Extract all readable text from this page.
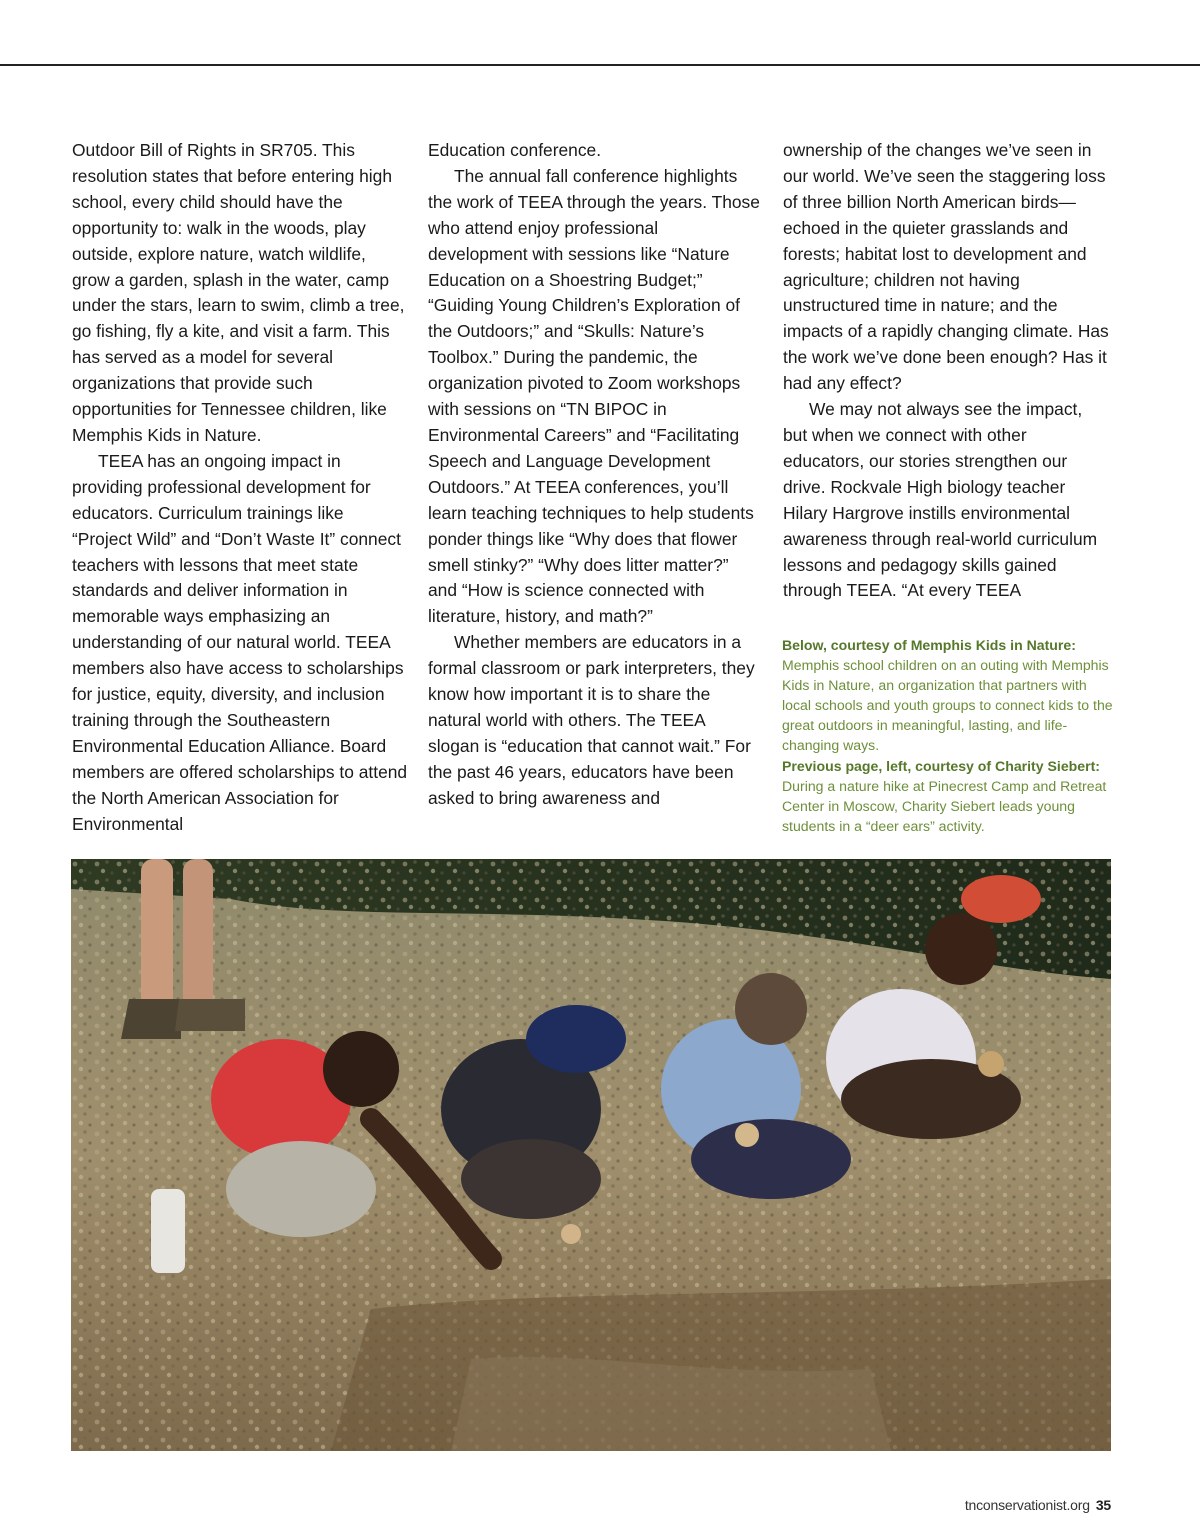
Outdoor Bill of Rights in SR705. This resolution states that before entering high school, every child should have the opportunity to: walk in the woods, play outside, explore nature, watch wildlife, grow a garden, splash in the water, camp under the stars, learn to swim, climb a tree, go fishing, fly a kite, and visit a farm. This has served as a model for several organizations that provide such opportunities for Tennessee children, like Memphis Kids in Nature.

TEEA has an ongoing impact in providing professional development for educators. Curriculum trainings like “Project Wild” and “Don’t Waste It” connect teachers with lessons that meet state standards and deliver information in memorable ways emphasizing an understanding of our natural world. TEEA members also have access to scholarships for justice, equity, diversity, and inclusion training through the Southeastern Environmental Education Alliance. Board members are offered scholarships to attend the North American Association for Environmental

Education conference.

The annual fall conference highlights the work of TEEA through the years. Those who attend enjoy professional development with sessions like “Nature Education on a Shoestring Budget;” “Guiding Young Children’s Exploration of the Outdoors;” and “Skulls: Nature’s Toolbox.” During the pandemic, the organization pivoted to Zoom workshops with sessions on “TN BIPOC in Environmental Careers” and “Facilitating Speech and Language Development Outdoors.” At TEEA conferences, you’ll learn teaching techniques to help students ponder things like “Why does that flower smell stinky?” “Why does litter matter?” and “How is science connected with literature, history, and math?”

Whether members are educators in a formal classroom or park interpreters, they know how important it is to share the natural world with others. The TEEA slogan is “education that cannot wait.” For the past 46 years, educators have been asked to bring awareness and

ownership of the changes we’ve seen in our world. We’ve seen the staggering loss of three billion North American birds—echoed in the quieter grasslands and forests; habitat lost to development and agriculture; children not having unstructured time in nature; and the impacts of a rapidly changing climate. Has the work we’ve done been enough? Has it had any effect?

We may not always see the impact, but when we connect with other educators, our stories strengthen our drive. Rockvale High biology teacher Hilary Hargrove instills environmental awareness through real-world curriculum lessons and pedagogy skills gained through TEEA. “At every TEEA

Below, courtesy of Memphis Kids in Nature: Memphis school children on an outing with Memphis Kids in Nature, an organization that partners with local schools and youth groups to connect kids to the great outdoors in meaningful, lasting, and life-changing ways.

Previous page, left, courtesy of Charity Siebert: During a nature hike at Pinecrest Camp and Retreat Center in Moscow, Charity Siebert leads young students in a “deer ears” activity.

tnconservationist.org 35
